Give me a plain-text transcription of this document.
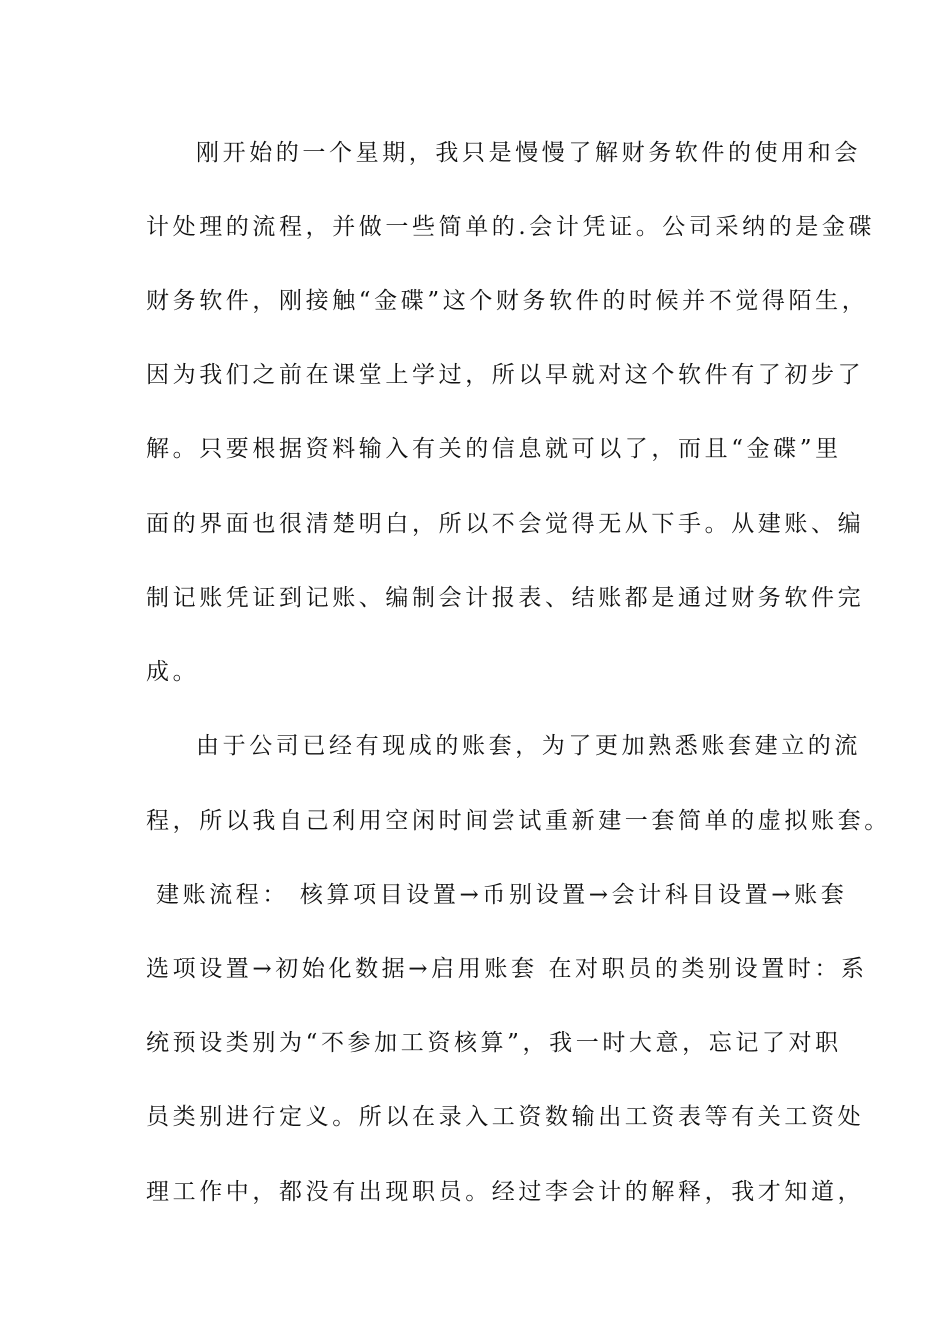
刚开始的一个星期，我只是慢慢了解财务软件的使用和会
计处理的流程，并做一些简单的.会计凭证。公司采纳的是金碟
财务软件，刚接触“金碟”这个财务软件的时候并不觉得陌生，
因为我们之前在课堂上学过，所以早就对这个软件有了初步了
解。只要根据资料输入有关的信息就可以了，而且“金碟”里
面的界面也很清楚明白，所以不会觉得无从下手。从建账、编
制记账凭证到记账、编制会计报表、结账都是通过财务软件完
成。
由于公司已经有现成的账套，为了更加熟悉账套建立的流
程，所以我自己利用空闲时间尝试重新建一套简单的虚拟账套。
建账流程： 核算项目设置→币别设置→会计科目设置→账套
选项设置→初始化数据→启用账套 在对职员的类别设置时：系
统预设类别为“不参加工资核算”，我一时大意，忘记了对职
员类别进行定义。所以在录入工资数输出工资表等有关工资处
理工作中，都没有出现职员。经过李会计的解释，我才知道，
